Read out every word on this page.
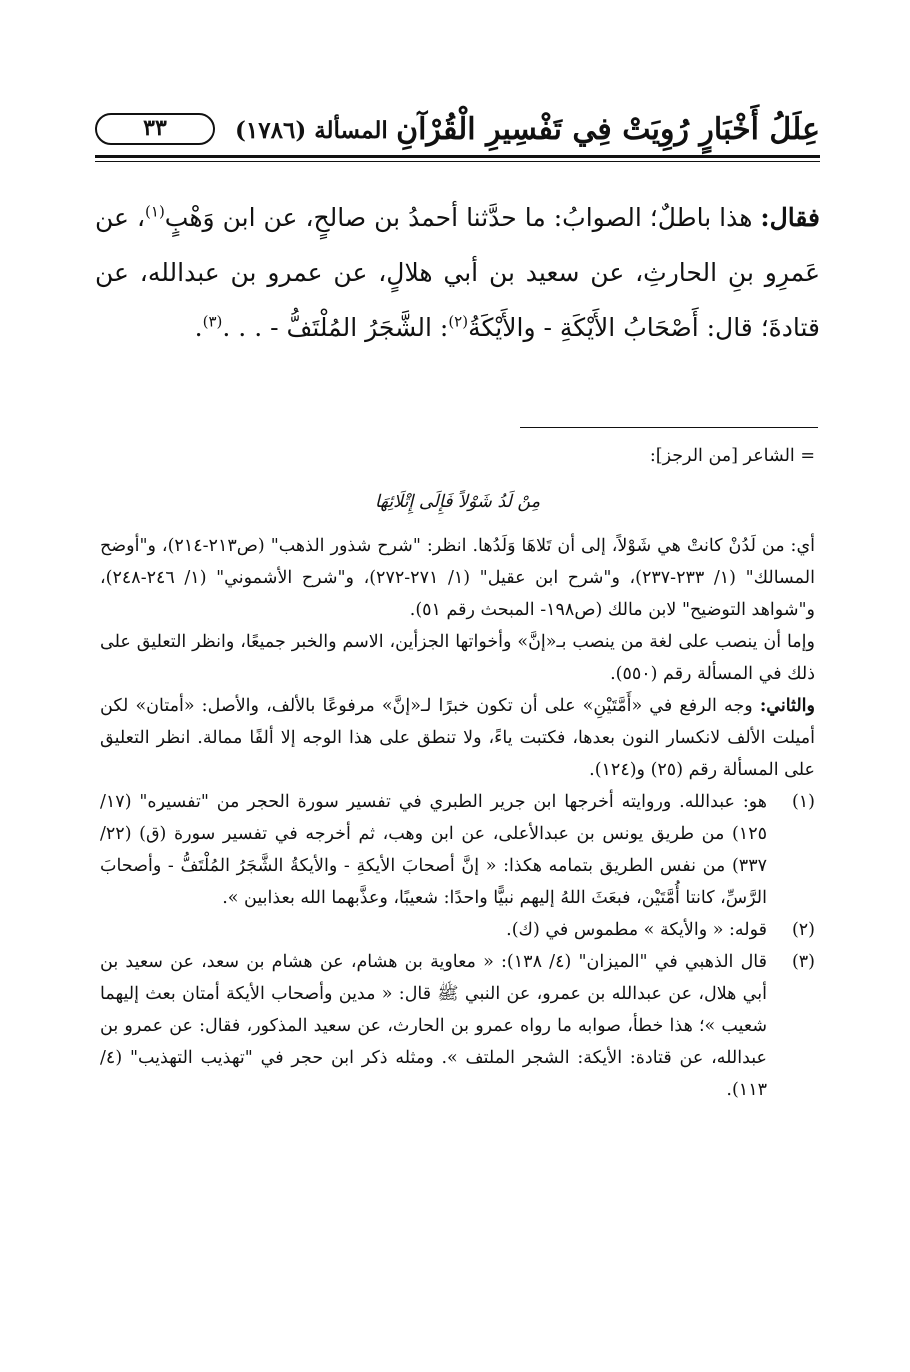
عِلَلُ أَخْبَارٍ رُوِيَتْ فِي تَفْسِيرِ الْقُرْآنِ
المسألة (١٧٨٦)
٣٣

فقال: هذا باطلٌ؛ الصوابُ: ما حدَّثنا أحمدُ بن صالحٍ، عن ابن وَهْبٍ$^{(١)}$، عن عَمرِو بنِ الحارثِ، عن سعيد بن أبي هلالٍ، عن عمرو بن عبدالله، عن قتادةَ؛ قال: أَصْحَابُ الأَيْكَةِ - والأَيْكَةُ$^{(٢)}$: الشَّجَرُ المُلْتَفُّ - . . .$^{(٣)}$.

= الشاعر [من الرجز]:

مِنْ لَدُ شَوْلاً فَإِلَى إِتْلَائِهَا

أي: من لَدُنْ كانتْ هي شَوْلاً، إلى أن تَلاهَا وَلَدُها. انظر: "شرح شذور الذهب" (ص٢١٣-٢١٤)، و"أوضح المسالك" (١/ ٢٣٣-٢٣٧)، و"شرح ابن عقيل" (١/ ٢٧١-٢٧٢)، و"شرح الأشموني" (١/ ٢٤٦-٢٤٨)، و"شواهد التوضيح" لابن مالك (ص١٩٨- المبحث رقم ٥١).

وإما أن ينصب على لغة من ينصب بـ«إنَّ» وأخواتها الجزأين، الاسم والخبر جميعًا، وانظر التعليق على ذلك في المسألة رقم (٥٥٠).

والثاني: وجه الرفع في «أَمَّتَيْنِ» على أن تكون خبرًا لـ«إنَّ» مرفوعًا بالألف، والأصل: «أمتان» لكن أميلت الألف لانكسار النون بعدها، فكتبت ياءً، ولا تنطق على هذا الوجه إلا ألفًا ممالة. انظر التعليق على المسألة رقم (٢٥) و(١٢٤).

(١)

هو: عبدالله. وروايته أخرجها ابن جرير الطبري في تفسير سورة الحجر من "تفسيره" (١٧/ ١٢٥) من طريق يونس بن عبدالأعلى، عن ابن وهب، ثم أخرجه في تفسير سورة (ق) (٢٢/ ٣٣٧) من نفس الطريق بتمامه هكذا: « إنَّ أصحابَ الأيكةِ - والأيكةُ الشَّجَرُ المُلْتَفُّ - وأصحابَ الرَّسِّ، كانتا أُمَّتَيْن، فبعَثَ اللهُ إليهم نبيًّا واحدًا: شعيبًا، وعذَّبهما الله بعذابين ».

(٢)

قوله: « والأيكة » مطموس في (ك).

(٣)

قال الذهبي في "الميزان" (٤/ ١٣٨): « معاوية بن هشام، عن هشام بن سعد، عن سعيد بن أبي هلال، عن عبدالله بن عمرو، عن النبي ﷺ قال: « مدين وأصحاب الأيكة أمتان بعث إليهما شعيب »؛ هذا خطأ، صوابه ما رواه عمرو بن الحارث، عن سعيد المذكور، فقال: عن عمرو بن عبدالله، عن قتادة: الأيكة: الشجر الملتف ». ومثله ذكر ابن حجر في "تهذيب التهذيب" (٤/ ١١٣).
